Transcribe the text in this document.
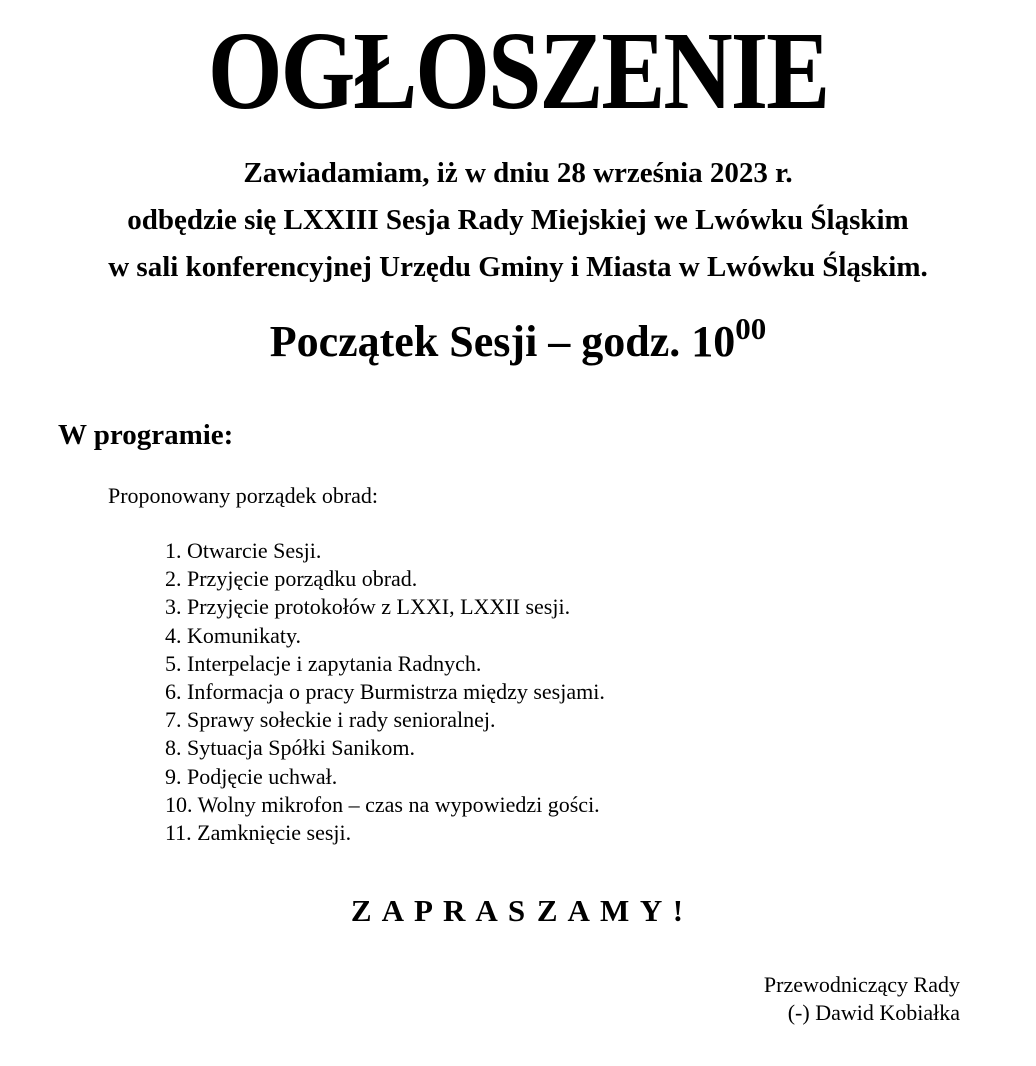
OGŁOSZENIE
Zawiadamiam, iż w dniu 28 września 2023 r.
odbędzie się LXXIII Sesja Rady Miejskiej we Lwówku Śląskim
w sali konferencyjnej Urzędu Gminy i Miasta w Lwówku Śląskim.
Początek Sesji – godz. 1000
W programie:
Proponowany porządek obrad:
1. Otwarcie Sesji.
2. Przyjęcie porządku obrad.
3. Przyjęcie protokołów z LXXI, LXXII sesji.
4. Komunikaty.
5. Interpelacje i zapytania Radnych.
6. Informacja o pracy Burmistrza między sesjami.
7. Sprawy sołeckie i rady senioralnej.
8. Sytuacja Spółki Sanikom.
9. Podjęcie uchwał.
10. Wolny mikrofon – czas na wypowiedzi gości.
11. Zamknięcie sesji.
Z A P R A S Z A M Y !
Przewodniczący Rady
(-) Dawid Kobiałka
